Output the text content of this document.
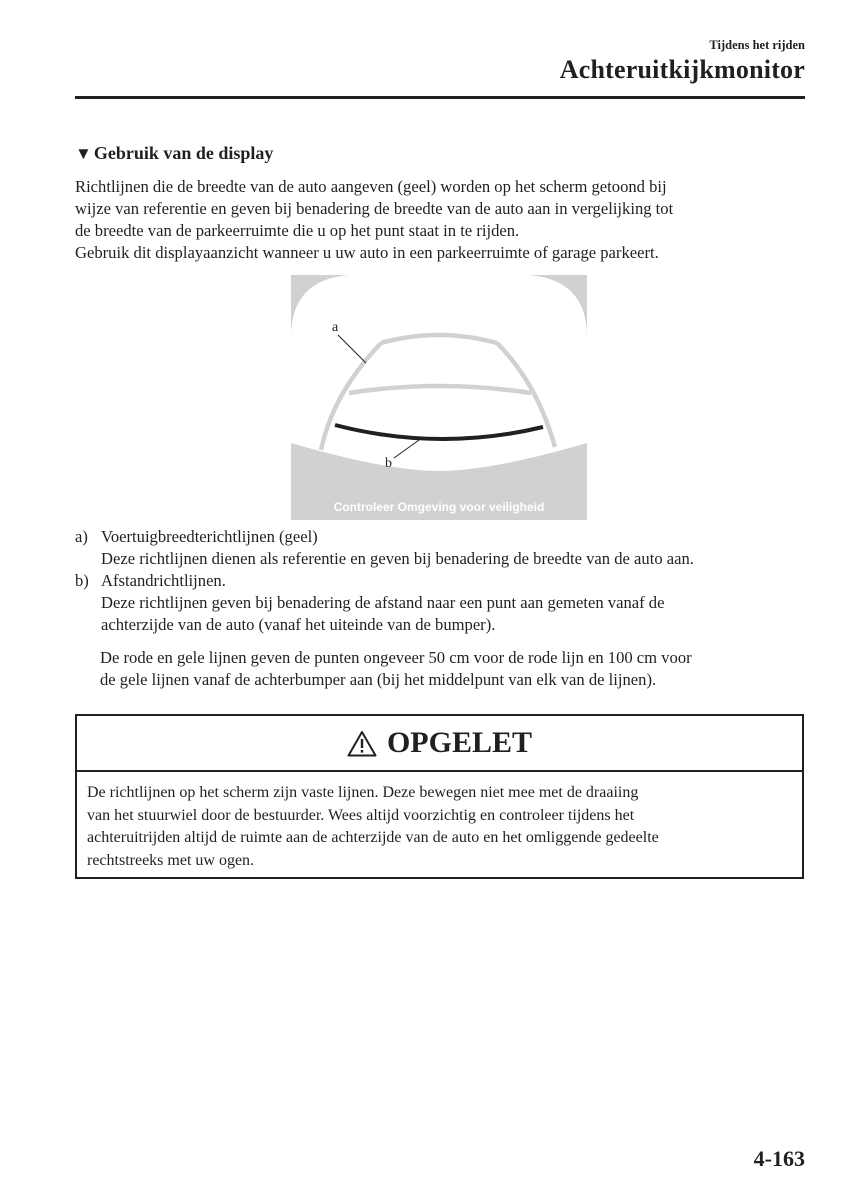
Tijdens het rijden
Achteruitkijkmonitor
▼ Gebruik van de display

Richtlijnen die de breedte van de auto aangeven (geel) worden op het scherm getoond bij
wijze van referentie en geven bij benadering de breedte van de auto aan in vergelijking tot
de breedte van de parkeerruimte die u op het punt staat in te rijden.
Gebruik dit displayaanzicht wanneer u uw auto in een parkeerruimte of garage parkeert.

a
b
Controleer Omgeving voor veiligheid
a) Voertuigbreedterichtlijnen (geel)
Deze richtlijnen dienen als referentie en geven bij benadering de breedte van de auto aan.
b) Afstandrichtlijnen.
Deze richtlijnen geven bij benadering de afstand naar een punt aan gemeten vanaf de
achterzijde van de auto (vanaf het uiteinde van de bumper).

De rode en gele lijnen geven de punten ongeveer 50 cm voor de rode lijn en 100 cm voor
de gele lijnen vanaf de achterbumper aan (bij het middelpunt van elk van de lijnen).

OPGELET

De richtlijnen op het scherm zijn vaste lijnen. Deze bewegen niet mee met de draaiing
van het stuurwiel door de bestuurder. Wees altijd voorzichtig en controleer tijdens het
achteruitrijden altijd de ruimte aan de achterzijde van de auto en het omliggende gedeelte
rechtstreeks met uw ogen.

4-163
